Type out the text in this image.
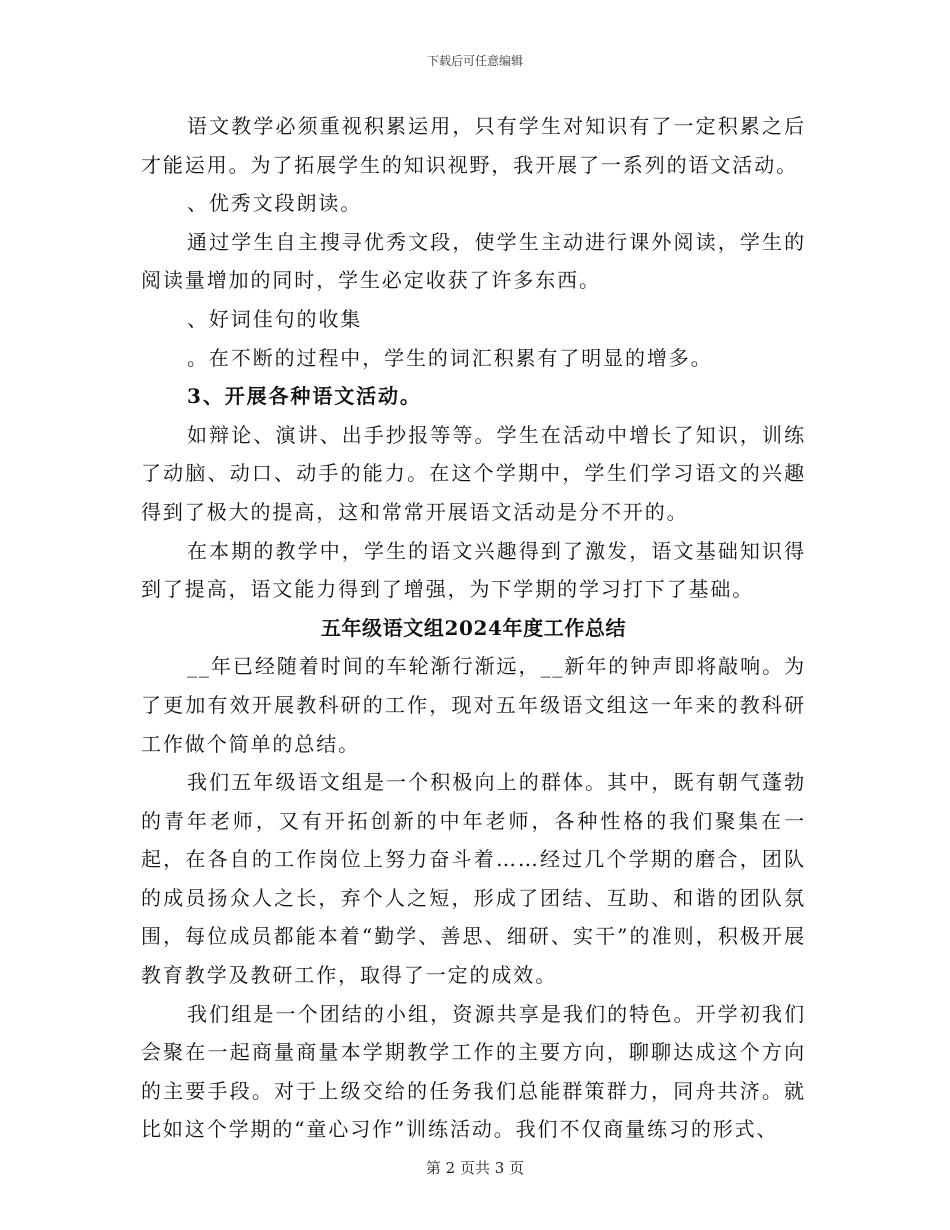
下载后可任意编辑

语文教学必须重视积累运用，只有学生对知识有了一定积累之后才能运用。为了拓展学生的知识视野，我开展了一系列的语文活动。

、优秀文段朗读。

通过学生自主搜寻优秀文段，使学生主动进行课外阅读，学生的阅读量增加的同时，学生必定收获了许多东西。

、好词佳句的收集

。在不断的过程中，学生的词汇积累有了明显的增多。

3、开展各种语文活动。

如辩论、演讲、出手抄报等等。学生在活动中增长了知识，训练了动脑、动口、动手的能力。在这个学期中，学生们学习语文的兴趣得到了极大的提高，这和常常开展语文活动是分不开的。

在本期的教学中，学生的语文兴趣得到了激发，语文基础知识得到了提高，语文能力得到了增强，为下学期的学习打下了基础。

五年级语文组2024年度工作总结

__年已经随着时间的车轮渐行渐远，__新年的钟声即将敲响。为了更加有效开展教科研的工作，现对五年级语文组这一年来的教科研工作做个简单的总结。

我们五年级语文组是一个积极向上的群体。其中，既有朝气蓬勃的青年老师，又有开拓创新的中年老师，各种性格的我们聚集在一起，在各自的工作岗位上努力奋斗着……经过几个学期的磨合，团队的成员扬众人之长，弃个人之短，形成了团结、互助、和谐的团队氛围，每位成员都能本着“勤学、善思、细研、实干”的准则，积极开展教育教学及教研工作，取得了一定的成效。

我们组是一个团结的小组，资源共享是我们的特色。开学初我们会聚在一起商量商量本学期教学工作的主要方向，聊聊达成这个方向的主要手段。对于上级交给的任务我们总能群策群力，同舟共济。就比如这个学期的“童心习作”训练活动。我们不仅商量练习的形式、

第 2 页共 3 页
